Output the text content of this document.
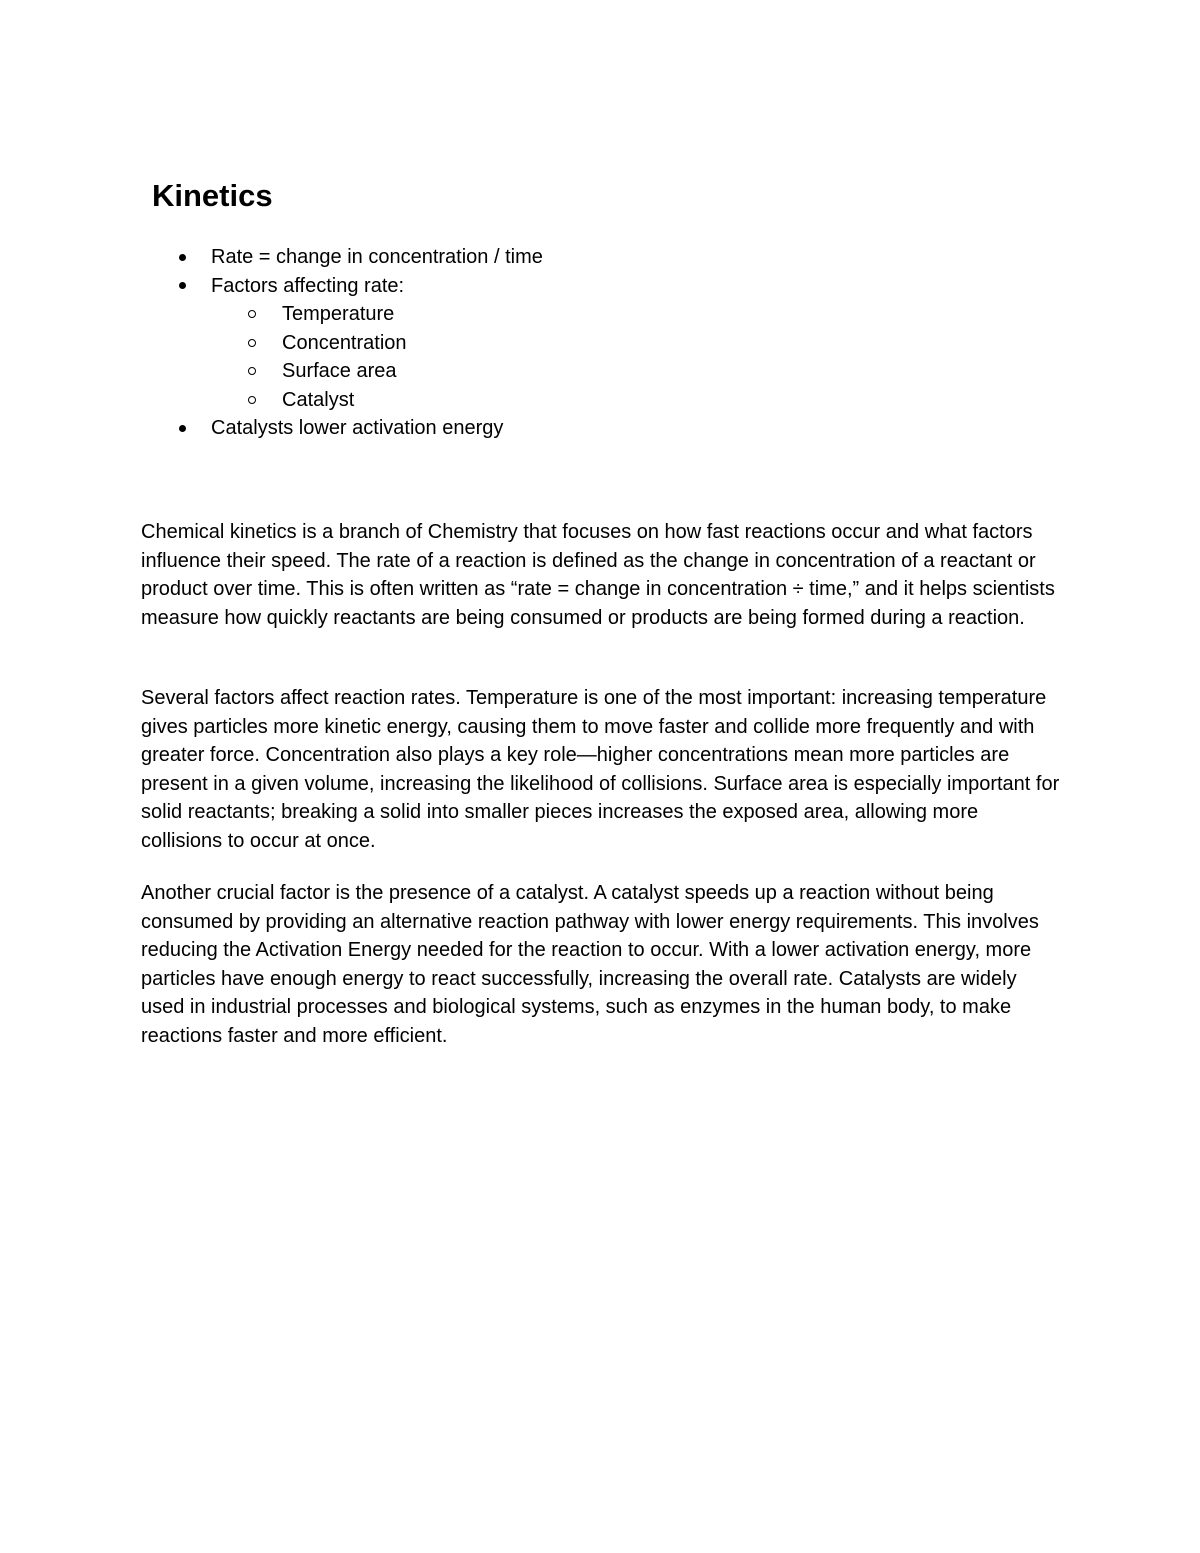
Kinetics
Rate = change in concentration / time
Factors affecting rate:
Temperature
Concentration
Surface area
Catalyst
Catalysts lower activation energy

Chemical kinetics is a branch of Chemistry that focuses on how fast reactions occur and what factors influence their speed. The rate of a reaction is defined as the change in concentration of a reactant or product over time. This is often written as “rate = change in concentration ÷ time,” and it helps scientists measure how quickly reactants are being consumed or products are being formed during a reaction.

Several factors affect reaction rates. Temperature is one of the most important: increasing temperature gives particles more kinetic energy, causing them to move faster and collide more frequently and with greater force. Concentration also plays a key role—higher concentrations mean more particles are present in a given volume, increasing the likelihood of collisions. Surface area is especially important for solid reactants; breaking a solid into smaller pieces increases the exposed area, allowing more collisions to occur at once.

Another crucial factor is the presence of a catalyst. A catalyst speeds up a reaction without being consumed by providing an alternative reaction pathway with lower energy requirements. This involves reducing the Activation Energy needed for the reaction to occur. With a lower activation energy, more particles have enough energy to react successfully, increasing the overall rate. Catalysts are widely used in industrial processes and biological systems, such as enzymes in the human body, to make reactions faster and more efficient.
